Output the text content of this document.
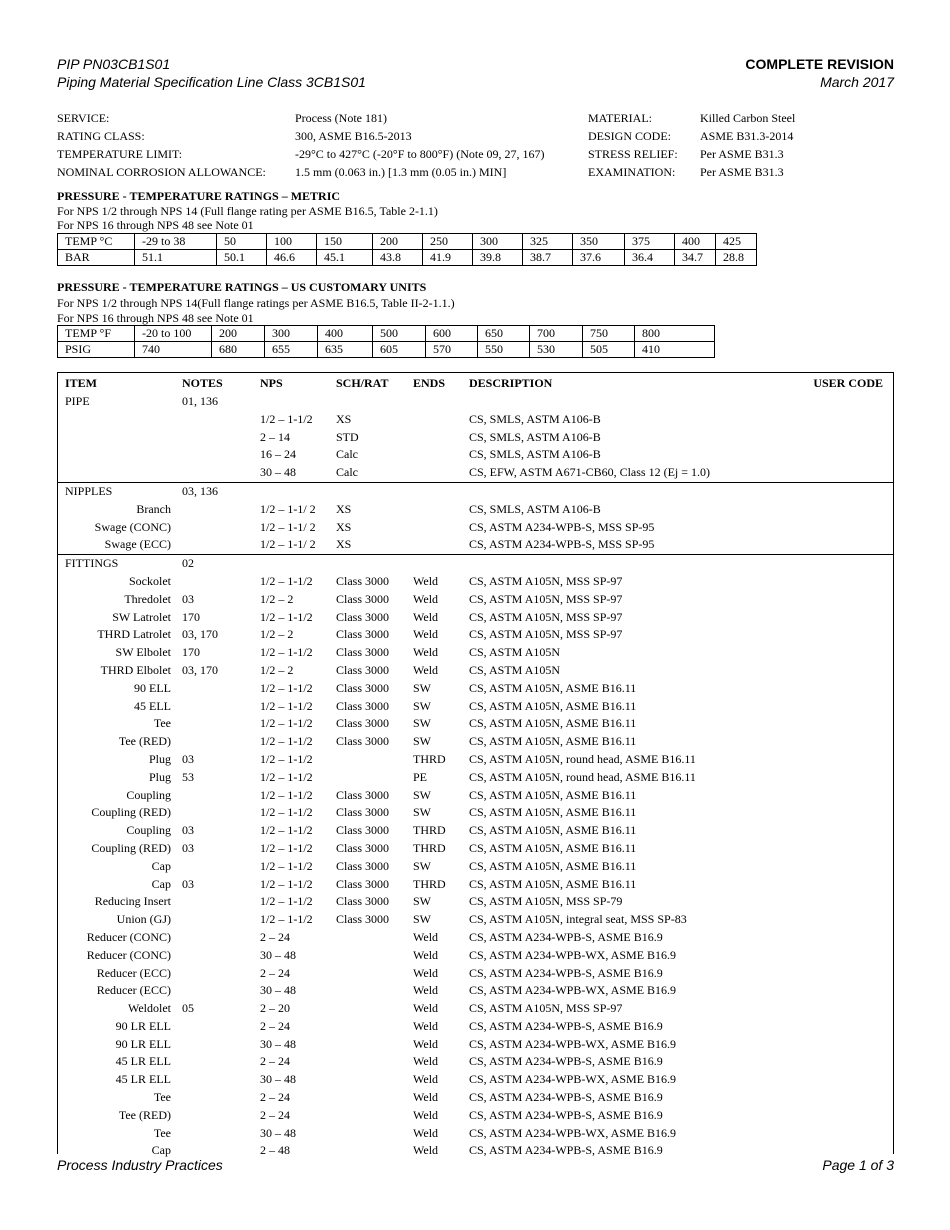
PIP PN03CB1S01
Piping Material Specification Line Class 3CB1S01
COMPLETE REVISION
March 2017
SERVICE:	Process (Note 181)	MATERIAL:	Killed Carbon Steel
RATING CLASS:	300, ASME B16.5-2013	DESIGN CODE:	ASME B31.3-2014
TEMPERATURE LIMIT:	-29°C to 427°C (-20°F to 800°F) (Note 09, 27, 167)	STRESS RELIEF:	Per ASME B31.3
NOMINAL CORROSION ALLOWANCE:	1.5 mm (0.063 in.) [1.3 mm (0.05 in.) MIN]	EXAMINATION:	Per ASME B31.3
PRESSURE - TEMPERATURE RATINGS – METRIC
For NPS 1/2 through NPS 14 (Full flange rating per ASME B16.5, Table 2-1.1)
For NPS 16 through NPS 48 see Note 01
TEMP °C	-29 to 38	50	100	150	200	250	300	325	350	375	400	425
BAR	51.1	50.1	46.6	45.1	43.8	41.9	39.8	38.7	37.6	36.4	34.7	28.8
PRESSURE - TEMPERATURE RATINGS – US CUSTOMARY UNITS
For NPS 1/2 through NPS 14(Full flange ratings per ASME B16.5, Table II-2-1.1.)
For NPS 16 through NPS 48 see Note 01
TEMP °F	-20 to 100	200	300	400	500	600	650	700	750	800
PSIG	740	680	655	635	605	570	550	530	505	410
ITEM	NOTES	NPS	SCH/RAT	ENDS	DESCRIPTION	USER CODE
PIPE	01, 136					
		1/2 – 1-1/2	XS		CS, SMLS, ASTM A106-B	
		2 – 14	STD		CS, SMLS, ASTM A106-B	
		16 – 24	Calc		CS, SMLS, ASTM A106-B	
		30 – 48	Calc		CS, EFW, ASTM A671-CB60, Class 12 (Ej = 1.0)	
NIPPLES	03, 136					
Branch		1/2 – 1-1/ 2	XS		CS, SMLS, ASTM A106-B	
Swage (CONC)		1/2 – 1-1/ 2	XS		CS, ASTM A234-WPB-S, MSS SP-95	
Swage (ECC)		1/2 – 1-1/ 2	XS		CS, ASTM A234-WPB-S, MSS SP-95	
FITTINGS	02					
Sockolet		1/2 – 1-1/2	Class 3000	Weld	CS, ASTM A105N, MSS SP-97	
Thredolet	03	1/2 – 2	Class 3000	Weld	CS, ASTM A105N, MSS SP-97	
SW Latrolet	170	1/2 – 1-1/2	Class 3000	Weld	CS, ASTM A105N, MSS SP-97	
THRD Latrolet	03, 170	1/2 – 2	Class 3000	Weld	CS, ASTM A105N, MSS SP-97	
SW Elbolet	170	1/2 – 1-1/2	Class 3000	Weld	CS, ASTM A105N	
THRD Elbolet	03, 170	1/2 – 2	Class 3000	Weld	CS, ASTM A105N	
90 ELL		1/2 – 1-1/2	Class 3000	SW	CS, ASTM A105N, ASME B16.11	
45 ELL		1/2 – 1-1/2	Class 3000	SW	CS, ASTM A105N, ASME B16.11	
Tee		1/2 – 1-1/2	Class 3000	SW	CS, ASTM A105N, ASME B16.11	
Tee (RED)		1/2 – 1-1/2	Class 3000	SW	CS, ASTM A105N, ASME B16.11	
Plug	03	1/2 – 1-1/2		THRD	CS, ASTM A105N, round head, ASME B16.11	
Plug	53	1/2 – 1-1/2		PE	CS, ASTM A105N, round head, ASME B16.11	
Coupling		1/2 – 1-1/2	Class 3000	SW	CS, ASTM A105N, ASME B16.11	
Coupling (RED)		1/2 – 1-1/2	Class 3000	SW	CS, ASTM A105N, ASME B16.11	
Coupling	03	1/2 – 1-1/2	Class 3000	THRD	CS, ASTM A105N, ASME B16.11	
Coupling (RED)	03	1/2 – 1-1/2	Class 3000	THRD	CS, ASTM A105N, ASME B16.11	
Cap		1/2 – 1-1/2	Class 3000	SW	CS, ASTM A105N, ASME B16.11	
Cap	03	1/2 – 1-1/2	Class 3000	THRD	CS, ASTM A105N, ASME B16.11	
Reducing Insert		1/2 – 1-1/2	Class 3000	SW	CS, ASTM A105N, MSS SP-79	
Union (GJ)		1/2 – 1-1/2	Class 3000	SW	CS, ASTM A105N, integral seat, MSS SP-83	
Reducer (CONC)		2 – 24		Weld	CS, ASTM A234-WPB-S, ASME B16.9	
Reducer (CONC)		30 – 48		Weld	CS, ASTM A234-WPB-WX, ASME B16.9	
Reducer (ECC)		2 – 24		Weld	CS, ASTM A234-WPB-S, ASME B16.9	
Reducer (ECC)		30 – 48		Weld	CS, ASTM A234-WPB-WX, ASME B16.9	
Weldolet	05	2 – 20		Weld	CS, ASTM A105N, MSS SP-97	
90 LR ELL		2 – 24		Weld	CS, ASTM A234-WPB-S, ASME B16.9	
90 LR ELL		30 – 48		Weld	CS, ASTM A234-WPB-WX, ASME B16.9	
45 LR ELL		2 – 24		Weld	CS, ASTM A234-WPB-S, ASME B16.9	
45 LR ELL		30 – 48		Weld	CS, ASTM A234-WPB-WX, ASME B16.9	
Tee		2 – 24		Weld	CS, ASTM A234-WPB-S, ASME B16.9	
Tee (RED)		2 – 24		Weld	CS, ASTM A234-WPB-S, ASME B16.9	
Tee		30 – 48		Weld	CS, ASTM A234-WPB-WX, ASME B16.9	
Cap		2 – 48		Weld	CS, ASTM A234-WPB-S, ASME B16.9	
Process Industry Practices	Page 1 of 3
